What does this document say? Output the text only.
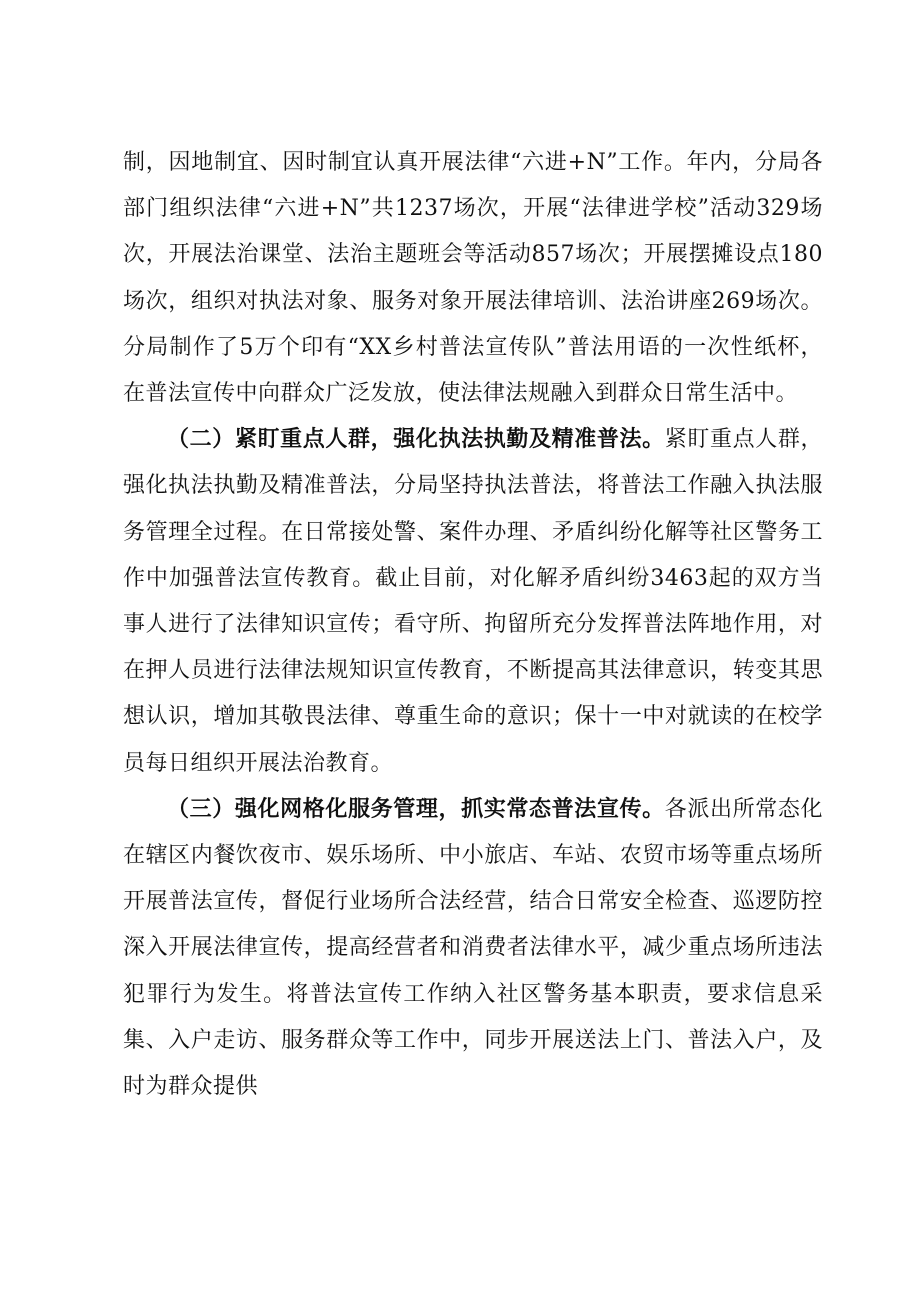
制，因地制宜、因时制宜认真开展法律“六进+N”工作。年内，分局各部门组织法律“六进+N”共1237场次，开展“法律进学校”活动329场次，开展法治课堂、法治主题班会等活动857场次；开展摆摊设点180场次，组织对执法对象、服务对象开展法律培训、法治讲座269场次。分局制作了5万个印有“XX乡村普法宣传队”普法用语的一次性纸杯，在普法宣传中向群众广泛发放，使法律法规融入到群众日常生活中。

（二）紧盯重点人群，强化执法执勤及精准普法。紧盯重点人群，强化执法执勤及精准普法，分局坚持执法普法，将普法工作融入执法服务管理全过程。在日常接处警、案件办理、矛盾纠纷化解等社区警务工作中加强普法宣传教育。截止目前，对化解矛盾纠纷3463起的双方当事人进行了法律知识宣传；看守所、拘留所充分发挥普法阵地作用，对在押人员进行法律法规知识宣传教育，不断提高其法律意识，转变其思想认识，增加其敬畏法律、尊重生命的意识；保十一中对就读的在校学员每日组织开展法治教育。

（三）强化网格化服务管理，抓实常态普法宣传。各派出所常态化在辖区内餐饮夜市、娱乐场所、中小旅店、车站、农贸市场等重点场所开展普法宣传，督促行业场所合法经营，结合日常安全检查、巡逻防控深入开展法律宣传，提高经营者和消费者法律水平，减少重点场所违法犯罪行为发生。将普法宣传工作纳入社区警务基本职责，要求信息采集、入户走访、服务群众等工作中，同步开展送法上门、普法入户，及时为群众提供
